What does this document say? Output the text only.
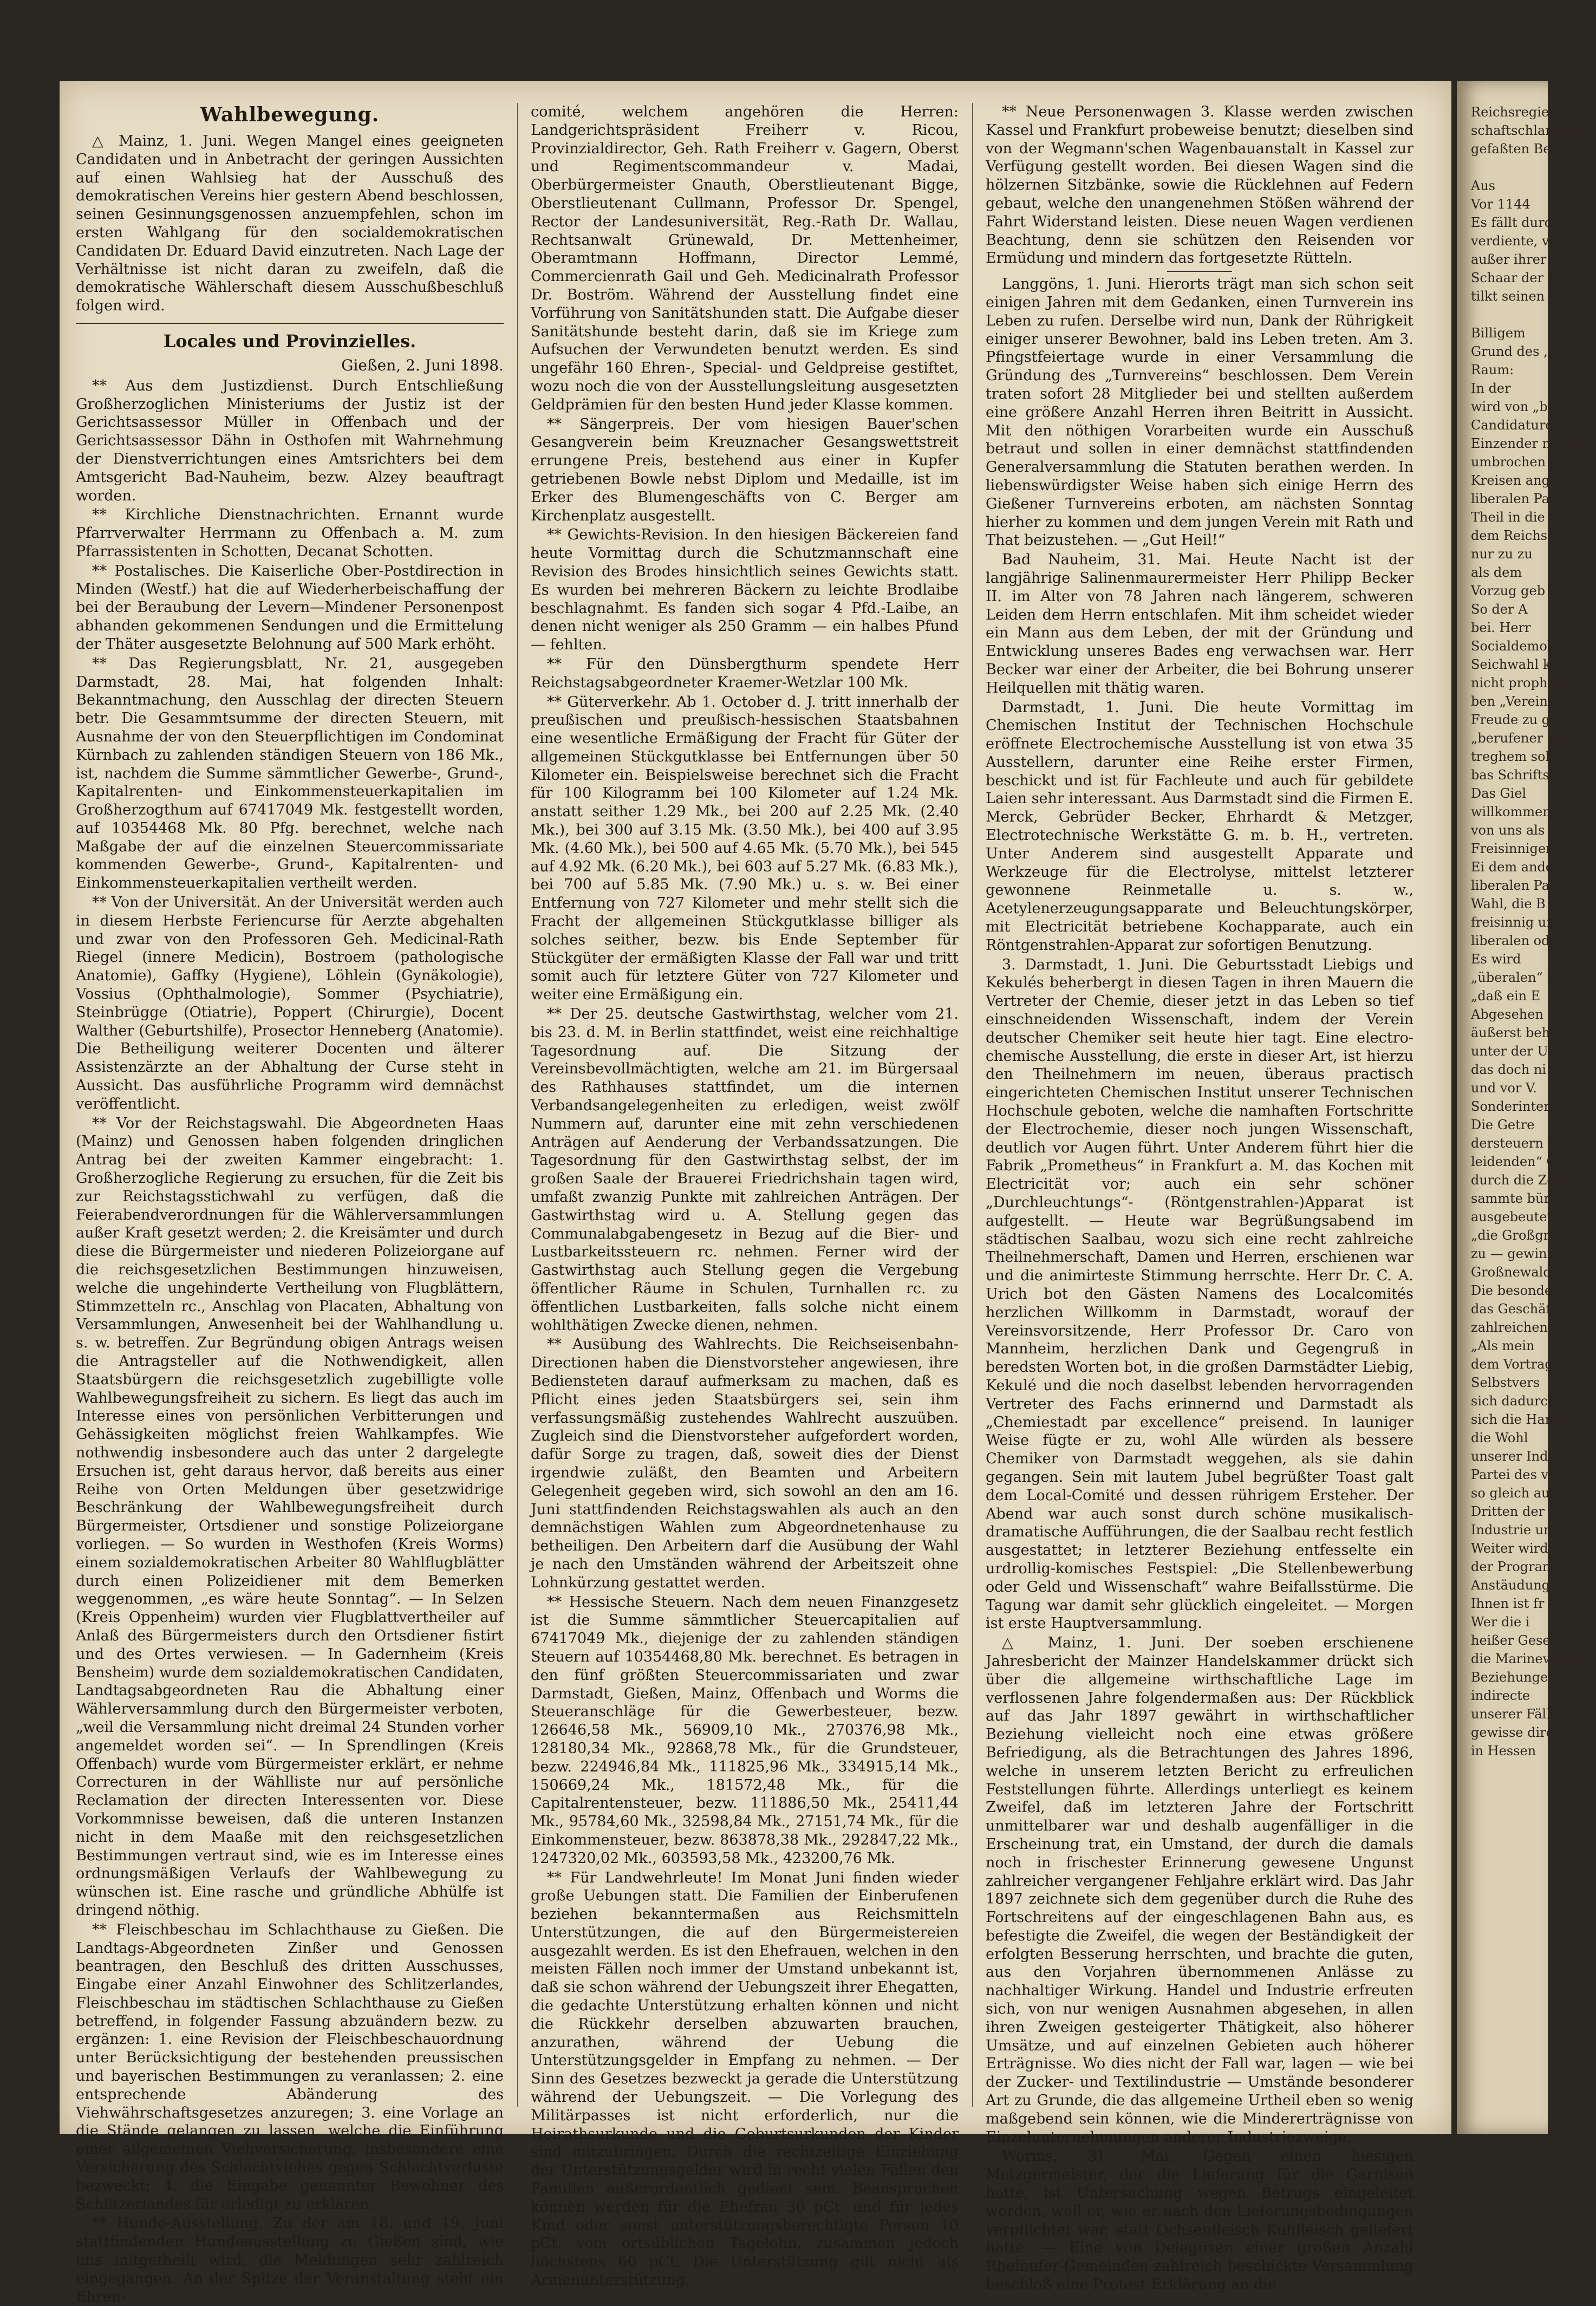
Wahlbewegung.

△ Mainz, 1. Juni. Wegen Mangel eines geeigneten Candidaten und in Anbetracht der geringen Aussichten auf einen Wahlsieg hat der Ausschuß des demokratischen Vereins hier gestern Abend beschlossen, seinen Gesinnungsgenossen anzuempfehlen, schon im ersten Wahlgang für den socialdemokratischen Candidaten Dr. Eduard David einzutreten. Nach Lage der Verhältnisse ist nicht daran zu zweifeln, daß die demokratische Wählerschaft diesem Ausschußbeschluß folgen wird.

Locales und Provinzielles.
Gießen, 2. Juni 1898.

** Aus dem Justizdienst. Durch Entschließung Großherzoglichen Ministeriums der Justiz ist der Gerichtsassessor Müller in Offenbach und der Gerichtsassessor Dähn in Osthofen mit Wahrnehmung der Dienstverrichtungen eines Amtsrichters bei dem Amtsgericht Bad-Nauheim, bezw. Alzey beauftragt worden.

** Kirchliche Dienstnachrichten. Ernannt wurde Pfarrverwalter Herrmann zu Offenbach a. M. zum Pfarrassistenten in Schotten, Decanat Schotten.

** Postalisches. Die Kaiserliche Ober-Postdirection in Minden (Westf.) hat die auf Wiederherbeischaffung der bei der Beraubung der Levern—Mindener Personenpost abhanden gekommenen Sendungen und die Ermittelung der Thäter ausgesetzte Belohnung auf 500 Mark erhöht.

** Das Regierungsblatt, Nr. 21, ausgegeben Darmstadt, 28. Mai, hat folgenden Inhalt: Bekanntmachung, den Ausschlag der directen Steuern betr. Die Gesammtsumme der directen Steuern, mit Ausnahme der von den Steuerpflichtigen im Condominat Kürnbach zu zahlenden ständigen Steuern von 186 Mk., ist, nachdem die Summe sämmtlicher Gewerbe-, Grund-, Kapitalrenten- und Einkommensteuerkapitalien im Großherzogthum auf 67417049 Mk. festgestellt worden, auf 10354468 Mk. 80 Pfg. berechnet, welche nach Maßgabe der auf die einzelnen Steuercommissariate kommenden Gewerbe-, Grund-, Kapitalrenten- und Einkommensteuerkapitalien vertheilt werden.

** Von der Universität. An der Universität werden auch in diesem Herbste Feriencurse für Aerzte abgehalten und zwar von den Professoren Geh. Medicinal-Rath Riegel (innere Medicin), Bostroem (pathologische Anatomie), Gaffky (Hygiene), Löhlein (Gynäkologie), Vossius (Ophthalmologie), Sommer (Psychiatrie), Steinbrügge (Otiatrie), Poppert (Chirurgie), Docent Walther (Geburtshilfe), Prosector Henneberg (Anatomie). Die Betheiligung weiterer Docenten und älterer Assistenzärzte an der Abhaltung der Curse steht in Aussicht. Das ausführliche Programm wird demnächst veröffentlicht.

** Vor der Reichstagswahl. Die Abgeordneten Haas (Mainz) und Genossen haben folgenden dringlichen Antrag bei der zweiten Kammer eingebracht: 1. Großherzogliche Regierung zu ersuchen, für die Zeit bis zur Reichstagsstichwahl zu verfügen, daß die Feierabendverordnungen für die Wählerversammlungen außer Kraft gesetzt werden; 2. die Kreisämter und durch diese die Bürgermeister und niederen Polizeiorgane auf die reichsgesetzlichen Bestimmungen hinzuweisen, welche die ungehinderte Vertheilung von Flugblättern, Stimmzetteln rc., Anschlag von Placaten, Abhaltung von Versammlungen, Anwesenheit bei der Wahlhandlung u. s. w. betreffen. Zur Begründung obigen Antrags weisen die Antragsteller auf die Nothwendigkeit, allen Staatsbürgern die reichsgesetzlich zugebilligte volle Wahlbewegungsfreiheit zu sichern. Es liegt das auch im Interesse eines von persönlichen Verbitterungen und Gehässigkeiten möglichst freien Wahlkampfes. Wie nothwendig insbesondere auch das unter 2 dargelegte Ersuchen ist, geht daraus hervor, daß bereits aus einer Reihe von Orten Meldungen über gesetzwidrige Beschränkung der Wahlbewegungsfreiheit durch Bürgermeister, Ortsdiener und sonstige Polizeiorgane vorliegen. — So wurden in Westhofen (Kreis Worms) einem sozialdemokratischen Arbeiter 80 Wahlflugblätter durch einen Polizeidiener mit dem Bemerken weggenommen, „es wäre heute Sonntag“. — In Selzen (Kreis Oppenheim) wurden vier Flugblattvertheiler auf Anlaß des Bürgermeisters durch den Ortsdiener fistirt und des Ortes verwiesen. — In Gadernheim (Kreis Bensheim) wurde dem sozialdemokratischen Candidaten, Landtagsabgeordneten Rau die Abhaltung einer Wählerversammlung durch den Bürgermeister verboten, „weil die Versammlung nicht dreimal 24 Stunden vorher angemeldet worden sei“. — In Sprendlingen (Kreis Offenbach) wurde vom Bürgermeister erklärt, er nehme Correcturen in der Wählliste nur auf persönliche Reclamation der directen Interessenten vor. Diese Vorkommnisse beweisen, daß die unteren Instanzen nicht in dem Maaße mit den reichsgesetzlichen Bestimmungen vertraut sind, wie es im Interesse eines ordnungsmäßigen Verlaufs der Wahlbewegung zu wünschen ist. Eine rasche und gründliche Abhülfe ist dringend nöthig.

** Fleischbeschau im Schlachthause zu Gießen. Die Landtags-Abgeordneten Zinßer und Genossen beantragen, den Beschluß des dritten Ausschusses, Eingabe einer Anzahl Einwohner des Schlitzerlandes, Fleischbeschau im städtischen Schlachthause zu Gießen betreffend, in folgender Fassung abzuändern bezw. zu ergänzen: 1. eine Revision der Fleischbeschauordnung unter Berücksichtigung der bestehenden preussischen und bayerischen Bestimmungen zu veranlassen; 2. eine entsprechende Abänderung des Viehwährschaftsgesetzes anzuregen; 3. eine Vorlage an die Stände gelangen zu lassen, welche die Einführung einer allgemeinen Viehversicherung, insbesondere eine Versicherung des Schlachtviehes gegen Schlachtverluste bezweckt; 4. die Eingabe genannter Bewohner des Schlitzerlandes für erledigt zu erklären.

** Hunde-Ausstellung. Zu der am 18. und 19. Juni stattfindenden Hundeausstellung zu Gießen sind, wie uns mitgetheilt wird, die Meldungen sehr zahlreich eingegangen. An der Spitze der Veranstaltung steht ein Ehren-

comité, welchem angehören die Herren: Landgerichtspräsident Freiherr v. Ricou, Provinzialdirector, Geh. Rath Freiherr v. Gagern, Oberst und Regimentscommandeur v. Madai, Oberbürgermeister Gnauth, Oberstlieutenant Bigge, Oberstlieutenant Cullmann, Professor Dr. Spengel, Rector der Landesuniversität, Reg.-Rath Dr. Wallau, Rechtsanwalt Grünewald, Dr. Mettenheimer, Oberamtmann Hoffmann, Director Lemmé, Commercienrath Gail und Geh. Medicinalrath Professor Dr. Boström. Während der Ausstellung findet eine Vorführung von Sanitätshunden statt. Die Aufgabe dieser Sanitätshunde besteht darin, daß sie im Kriege zum Aufsuchen der Verwundeten benutzt werden. Es sind ungefähr 160 Ehren-, Special- und Geldpreise gestiftet, wozu noch die von der Ausstellungsleitung ausgesetzten Geldprämien für den besten Hund jeder Klasse kommen.

** Sängerpreis. Der vom hiesigen Bauer'schen Gesangverein beim Kreuznacher Gesangswettstreit errungene Preis, bestehend aus einer in Kupfer getriebenen Bowle nebst Diplom und Medaille, ist im Erker des Blumengeschäfts von C. Berger am Kirchenplatz ausgestellt.

** Gewichts-Revision. In den hiesigen Bäckereien fand heute Vormittag durch die Schutzmannschaft eine Revision des Brodes hinsichtlich seines Gewichts statt. Es wurden bei mehreren Bäckern zu leichte Brodlaibe beschlagnahmt. Es fanden sich sogar 4 Pfd.-Laibe, an denen nicht weniger als 250 Gramm — ein halbes Pfund — fehlten.

** Für den Dünsbergthurm spendete Herr Reichstagsabgeordneter Kraemer-Wetzlar 100 Mk.

** Güterverkehr. Ab 1. October d. J. tritt innerhalb der preußischen und preußisch-hessischen Staatsbahnen eine wesentliche Ermäßigung der Fracht für Güter der allgemeinen Stückgutklasse bei Entfernungen über 50 Kilometer ein. Beispielsweise berechnet sich die Fracht für 100 Kilogramm bei 100 Kilometer auf 1.24 Mk. anstatt seither 1.29 Mk., bei 200 auf 2.25 Mk. (2.40 Mk.), bei 300 auf 3.15 Mk. (3.50 Mk.), bei 400 auf 3.95 Mk. (4.60 Mk.), bei 500 auf 4.65 Mk. (5.70 Mk.), bei 545 auf 4.92 Mk. (6.20 Mk.), bei 603 auf 5.27 Mk. (6.83 Mk.), bei 700 auf 5.85 Mk. (7.90 Mk.) u. s. w. Bei einer Entfernung von 727 Kilometer und mehr stellt sich die Fracht der allgemeinen Stückgutklasse billiger als solches seither, bezw. bis Ende September für Stückgüter der ermäßigten Klasse der Fall war und tritt somit auch für letztere Güter von 727 Kilometer und weiter eine Ermäßigung ein.

** Der 25. deutsche Gastwirthstag, welcher vom 21. bis 23. d. M. in Berlin stattfindet, weist eine reichhaltige Tagesordnung auf. Die Sitzung der Vereinsbevollmächtigten, welche am 21. im Bürgersaal des Rathhauses stattfindet, um die internen Verbandsangelegenheiten zu erledigen, weist zwölf Nummern auf, darunter eine mit zehn verschiedenen Anträgen auf Aenderung der Verbandssatzungen. Die Tagesordnung für den Gastwirthstag selbst, der im großen Saale der Brauerei Friedrichshain tagen wird, umfaßt zwanzig Punkte mit zahlreichen Anträgen. Der Gastwirthstag wird u. A. Stellung gegen das Communalabgabengesetz in Bezug auf die Bier- und Lustbarkeitssteuern rc. nehmen. Ferner wird der Gastwirthstag auch Stellung gegen die Vergebung öffentlicher Räume in Schulen, Turnhallen rc. zu öffentlichen Lustbarkeiten, falls solche nicht einem wohlthätigen Zwecke dienen, nehmen.

** Ausübung des Wahlrechts. Die Reichseisenbahn-Directionen haben die Dienstvorsteher angewiesen, ihre Bediensteten darauf aufmerksam zu machen, daß es Pflicht eines jeden Staatsbürgers sei, sein ihm verfassungsmäßig zustehendes Wahlrecht auszuüben. Zugleich sind die Dienstvorsteher aufgefordert worden, dafür Sorge zu tragen, daß, soweit dies der Dienst irgendwie zuläßt, den Beamten und Arbeitern Gelegenheit gegeben wird, sich sowohl an den am 16. Juni stattfindenden Reichstagswahlen als auch an den demnächstigen Wahlen zum Abgeordnetenhause zu betheiligen. Den Arbeitern darf die Ausübung der Wahl je nach den Umständen während der Arbeitszeit ohne Lohnkürzung gestattet werden.

** Hessische Steuern. Nach dem neuen Finanzgesetz ist die Summe sämmtlicher Steuercapitalien auf 67417049 Mk., diejenige der zu zahlenden ständigen Steuern auf 10354468,80 Mk. berechnet. Es betragen in den fünf größten Steuercommissariaten und zwar Darmstadt, Gießen, Mainz, Offenbach und Worms die Steueranschläge für die Gewerbesteuer, bezw. 126646,58 Mk., 56909,10 Mk., 270376,98 Mk., 128180,34 Mk., 92868,78 Mk., für die Grundsteuer, bezw. 224946,84 Mk., 111825,96 Mk., 334915,14 Mk., 150669,24 Mk., 181572,48 Mk., für die Capitalrentensteuer, bezw. 111886,50 Mk., 25411,44 Mk., 95784,60 Mk., 32598,84 Mk., 27151,74 Mk., für die Einkommensteuer, bezw. 863878,38 Mk., 292847,22 Mk., 1247320,02 Mk., 603593,58 Mk., 423200,76 Mk.

** Für Landwehrleute! Im Monat Juni finden wieder große Uebungen statt. Die Familien der Einberufenen beziehen bekanntermaßen aus Reichsmitteln Unterstützungen, die auf den Bürgermeistereien ausgezahlt werden. Es ist den Ehefrauen, welchen in den meisten Fällen noch immer der Umstand unbekannt ist, daß sie schon während der Uebungszeit ihrer Ehegatten, die gedachte Unterstützung erhalten können und nicht die Rückkehr derselben abzuwarten brauchen, anzurathen, während der Uebung die Unterstützungsgelder in Empfang zu nehmen. — Der Sinn des Gesetzes bezweckt ja gerade die Unterstützung während der Uebungszeit. — Die Vorlegung des Militärpasses ist nicht erforderlich, nur die Heirathsurkunde und die Geburtsurkunden der Kinder sind mitzubringen. Durch die rechtzeitige Einziehung der Unterstützungsgelder wird in recht vielen Fällen den Familien außerordentlich gedient sein. Beanspruchen können werden für die Ehefrau 30 pCt. und für jedes Kind oder sonst unterstützungsberechtigte Person 10 pCt. vom ortsüblichen Tagelohn, zusammen jedoch höchstens 60 pCt. Die Unterstützung gilt nicht als Armenunterstützung.

** Neue Personenwagen 3. Klasse werden zwischen Kassel und Frankfurt probeweise benutzt; dieselben sind von der Wegmann'schen Wagenbauanstalt in Kassel zur Verfügung gestellt worden. Bei diesen Wagen sind die hölzernen Sitzbänke, sowie die Rücklehnen auf Federn gebaut, welche den unangenehmen Stößen während der Fahrt Widerstand leisten. Diese neuen Wagen verdienen Beachtung, denn sie schützen den Reisenden vor Ermüdung und mindern das fortgesetzte Rütteln.

Langgöns, 1. Juni. Hierorts trägt man sich schon seit einigen Jahren mit dem Gedanken, einen Turnverein ins Leben zu rufen. Derselbe wird nun, Dank der Rührigkeit einiger unserer Bewohner, bald ins Leben treten. Am 3. Pfingstfeiertage wurde in einer Versammlung die Gründung des „Turnvereins“ beschlossen. Dem Verein traten sofort 28 Mitglieder bei und stellten außerdem eine größere Anzahl Herren ihren Beitritt in Aussicht. Mit den nöthigen Vorarbeiten wurde ein Ausschuß betraut und sollen in einer demnächst stattfindenden Generalversammlung die Statuten berathen werden. In liebenswürdigster Weise haben sich einige Herrn des Gießener Turnvereins erboten, am nächsten Sonntag hierher zu kommen und dem jungen Verein mit Rath und That beizustehen. — „Gut Heil!“

Bad Nauheim, 31. Mai. Heute Nacht ist der langjährige Salinenmaurermeister Herr Philipp Becker II. im Alter von 78 Jahren nach längerem, schweren Leiden dem Herrn entschlafen. Mit ihm scheidet wieder ein Mann aus dem Leben, der mit der Gründung und Entwicklung unseres Bades eng verwachsen war. Herr Becker war einer der Arbeiter, die bei Bohrung unserer Heilquellen mit thätig waren.

Darmstadt, 1. Juni. Die heute Vormittag im Chemischen Institut der Technischen Hochschule eröffnete Electrochemische Ausstellung ist von etwa 35 Ausstellern, darunter eine Reihe erster Firmen, beschickt und ist für Fachleute und auch für gebildete Laien sehr interessant. Aus Darmstadt sind die Firmen E. Merck, Gebrüder Becker, Ehrhardt & Metzger, Electrotechnische Werkstätte G. m. b. H., vertreten. Unter Anderem sind ausgestellt Apparate und Werkzeuge für die Electrolyse, mittelst letzterer gewonnene Reinmetalle u. s. w., Acetylenerzeugungsapparate und Beleuchtungskörper, mit Electricität betriebene Kochapparate, auch ein Röntgenstrahlen-Apparat zur sofortigen Benutzung.

3. Darmstadt, 1. Juni. Die Geburtsstadt Liebigs und Kekulés beherbergt in diesen Tagen in ihren Mauern die Vertreter der Chemie, dieser jetzt in das Leben so tief einschneidenden Wissenschaft, indem der Verein deutscher Chemiker seit heute hier tagt. Eine electro-chemische Ausstellung, die erste in dieser Art, ist hierzu den Theilnehmern im neuen, überaus practisch eingerichteten Chemischen Institut unserer Technischen Hochschule geboten, welche die namhaften Fortschritte der Electrochemie, dieser noch jungen Wissenschaft, deutlich vor Augen führt. Unter Anderem führt hier die Fabrik „Prometheus“ in Frankfurt a. M. das Kochen mit Electricität vor; auch ein sehr schöner „Durchleuchtungs“- (Röntgenstrahlen-)Apparat ist aufgestellt. — Heute war Begrüßungsabend im städtischen Saalbau, wozu sich eine recht zahlreiche Theilnehmerschaft, Damen und Herren, erschienen war und die animirteste Stimmung herrschte. Herr Dr. C. A. Urich bot den Gästen Namens des Localcomités herzlichen Willkomm in Darmstadt, worauf der Vereinsvorsitzende, Herr Professor Dr. Caro von Mannheim, herzlichen Dank und Gegengruß in beredsten Worten bot, in die großen Darmstädter Liebig, Kekulé und die noch daselbst lebenden hervorragenden Vertreter des Fachs erinnernd und Darmstadt als „Chemiestadt par excellence“ preisend. In launiger Weise fügte er zu, wohl Alle würden als bessere Chemiker von Darmstadt weggehen, als sie dahin gegangen. Sein mit lautem Jubel begrüßter Toast galt dem Local-Comité und dessen rührigem Ersteher. Der Abend war auch sonst durch schöne musikalisch-dramatische Aufführungen, die der Saalbau recht festlich ausgestattet; in letzterer Beziehung entfesselte ein urdrollig-komisches Festspiel: „Die Stellenbewerbung oder Geld und Wissenschaft“ wahre Beifallsstürme. Die Tagung war damit sehr glücklich eingeleitet. — Morgen ist erste Hauptversammlung.

△ Mainz, 1. Juni. Der soeben erschienene Jahresbericht der Mainzer Handelskammer drückt sich über die allgemeine wirthschaftliche Lage im verflossenen Jahre folgendermaßen aus: Der Rückblick auf das Jahr 1897 gewährt in wirthschaftlicher Beziehung vielleicht noch eine etwas größere Befriedigung, als die Betrachtungen des Jahres 1896, welche in unserem letzten Bericht zu erfreulichen Feststellungen führte. Allerdings unterliegt es keinem Zweifel, daß im letzteren Jahre der Fortschritt unmittelbarer war und deshalb augenfälliger in die Erscheinung trat, ein Umstand, der durch die damals noch in frischester Erinnerung gewesene Ungunst zahlreicher vergangener Fehljahre erklärt wird. Das Jahr 1897 zeichnete sich dem gegenüber durch die Ruhe des Fortschreitens auf der eingeschlagenen Bahn aus, es befestigte die Zweifel, die wegen der Beständigkeit der erfolgten Besserung herrschten, und brachte die guten, aus den Vorjahren übernommenen Anlässe zu nachhaltiger Wirkung. Handel und Industrie erfreuten sich, von nur wenigen Ausnahmen abgesehen, in allen ihren Zweigen gesteigerter Thätigkeit, also höherer Umsätze, und auf einzelnen Gebieten auch höherer Erträgnisse. Wo dies nicht der Fall war, lagen — wie bei der Zucker- und Textilindustrie — Umstände besonderer Art zu Grunde, die das allgemeine Urtheil eben so wenig maßgebend sein können, wie die Mindererträgnisse von Einzelunternehmungen anderer Industriezweige.

Worms, 31. Mai. Gegen einen hiesigen Metzgermeister, der die Lieferung für die Garnison hatte, ist Untersuchung wegen Betrugs eingeleitet worden, weil er, wie er nach den Lieferungsbedingungen verpflichtet war, statt Ochsenfleisch Kuhfleisch geliefert hatte. — Eine von Delegirten einer großen Anzahl Rheinufer-Gemeinden zahlreich beschickte Versammlung beschloß eine Protest-Erklärung an die

Reichsregierung,
schaftschlarcommi
gefaßten Beschlü

Aus
Vor 1144
Es fällt durch
verdiente, von
außer ihrer Gl
Schaar der Frei
tilkt seinen Be

Billigem
Grund des ,,
Raum:
In der
wird von „be
Candidaturen
Einzender meines
umbrochen ist
Kreisen angeblich
liberalen Par
Theil in die
dem Reichs
nur zu zu
als dem
Vorzug geb
So der A
bei. Herr
Socialdemokra
Seichwahl komm
nicht prophezei
ben „Vereinig
Freude zu gewä
„berufener Ste
treghem sollen
bas Schriftst
Das Giel
willkommen, di
von uns als
Freisinnigen u
Ei dem andere
liberalen Par
Wahl, die B
freisinnig und
liberalen oder
Es wird
„überalen“ P
„daß ein E
Abgesehen
äußerst behend
unter der Unl
das doch ni
und vor V.
Sonderinter
Die Getre
dersteuern bra
leidenden“ Gro
durch die Zollp
sammte bürgerlich
ausgebeutet. B
„die Großgr
zu — gewinnen,
Großnewald wob
Die besonder
das Geschäft
zahlreichen ein
„Als mein
dem Vortrag
Selbstvers
sich dadurch
sich die Handel
die Wohl
unserer Indu
Partei des ver
so gleich auf
Dritten der Z
Industrie und
Weiter wird
der Programmsch
Anstäudung ein
Ihnen ist fr
Wer die i
heißer Gesetzgeb
die Marinevorlag
Beziehungen
indirecte
unserer Fällen
gewisse directe
in Hessen
